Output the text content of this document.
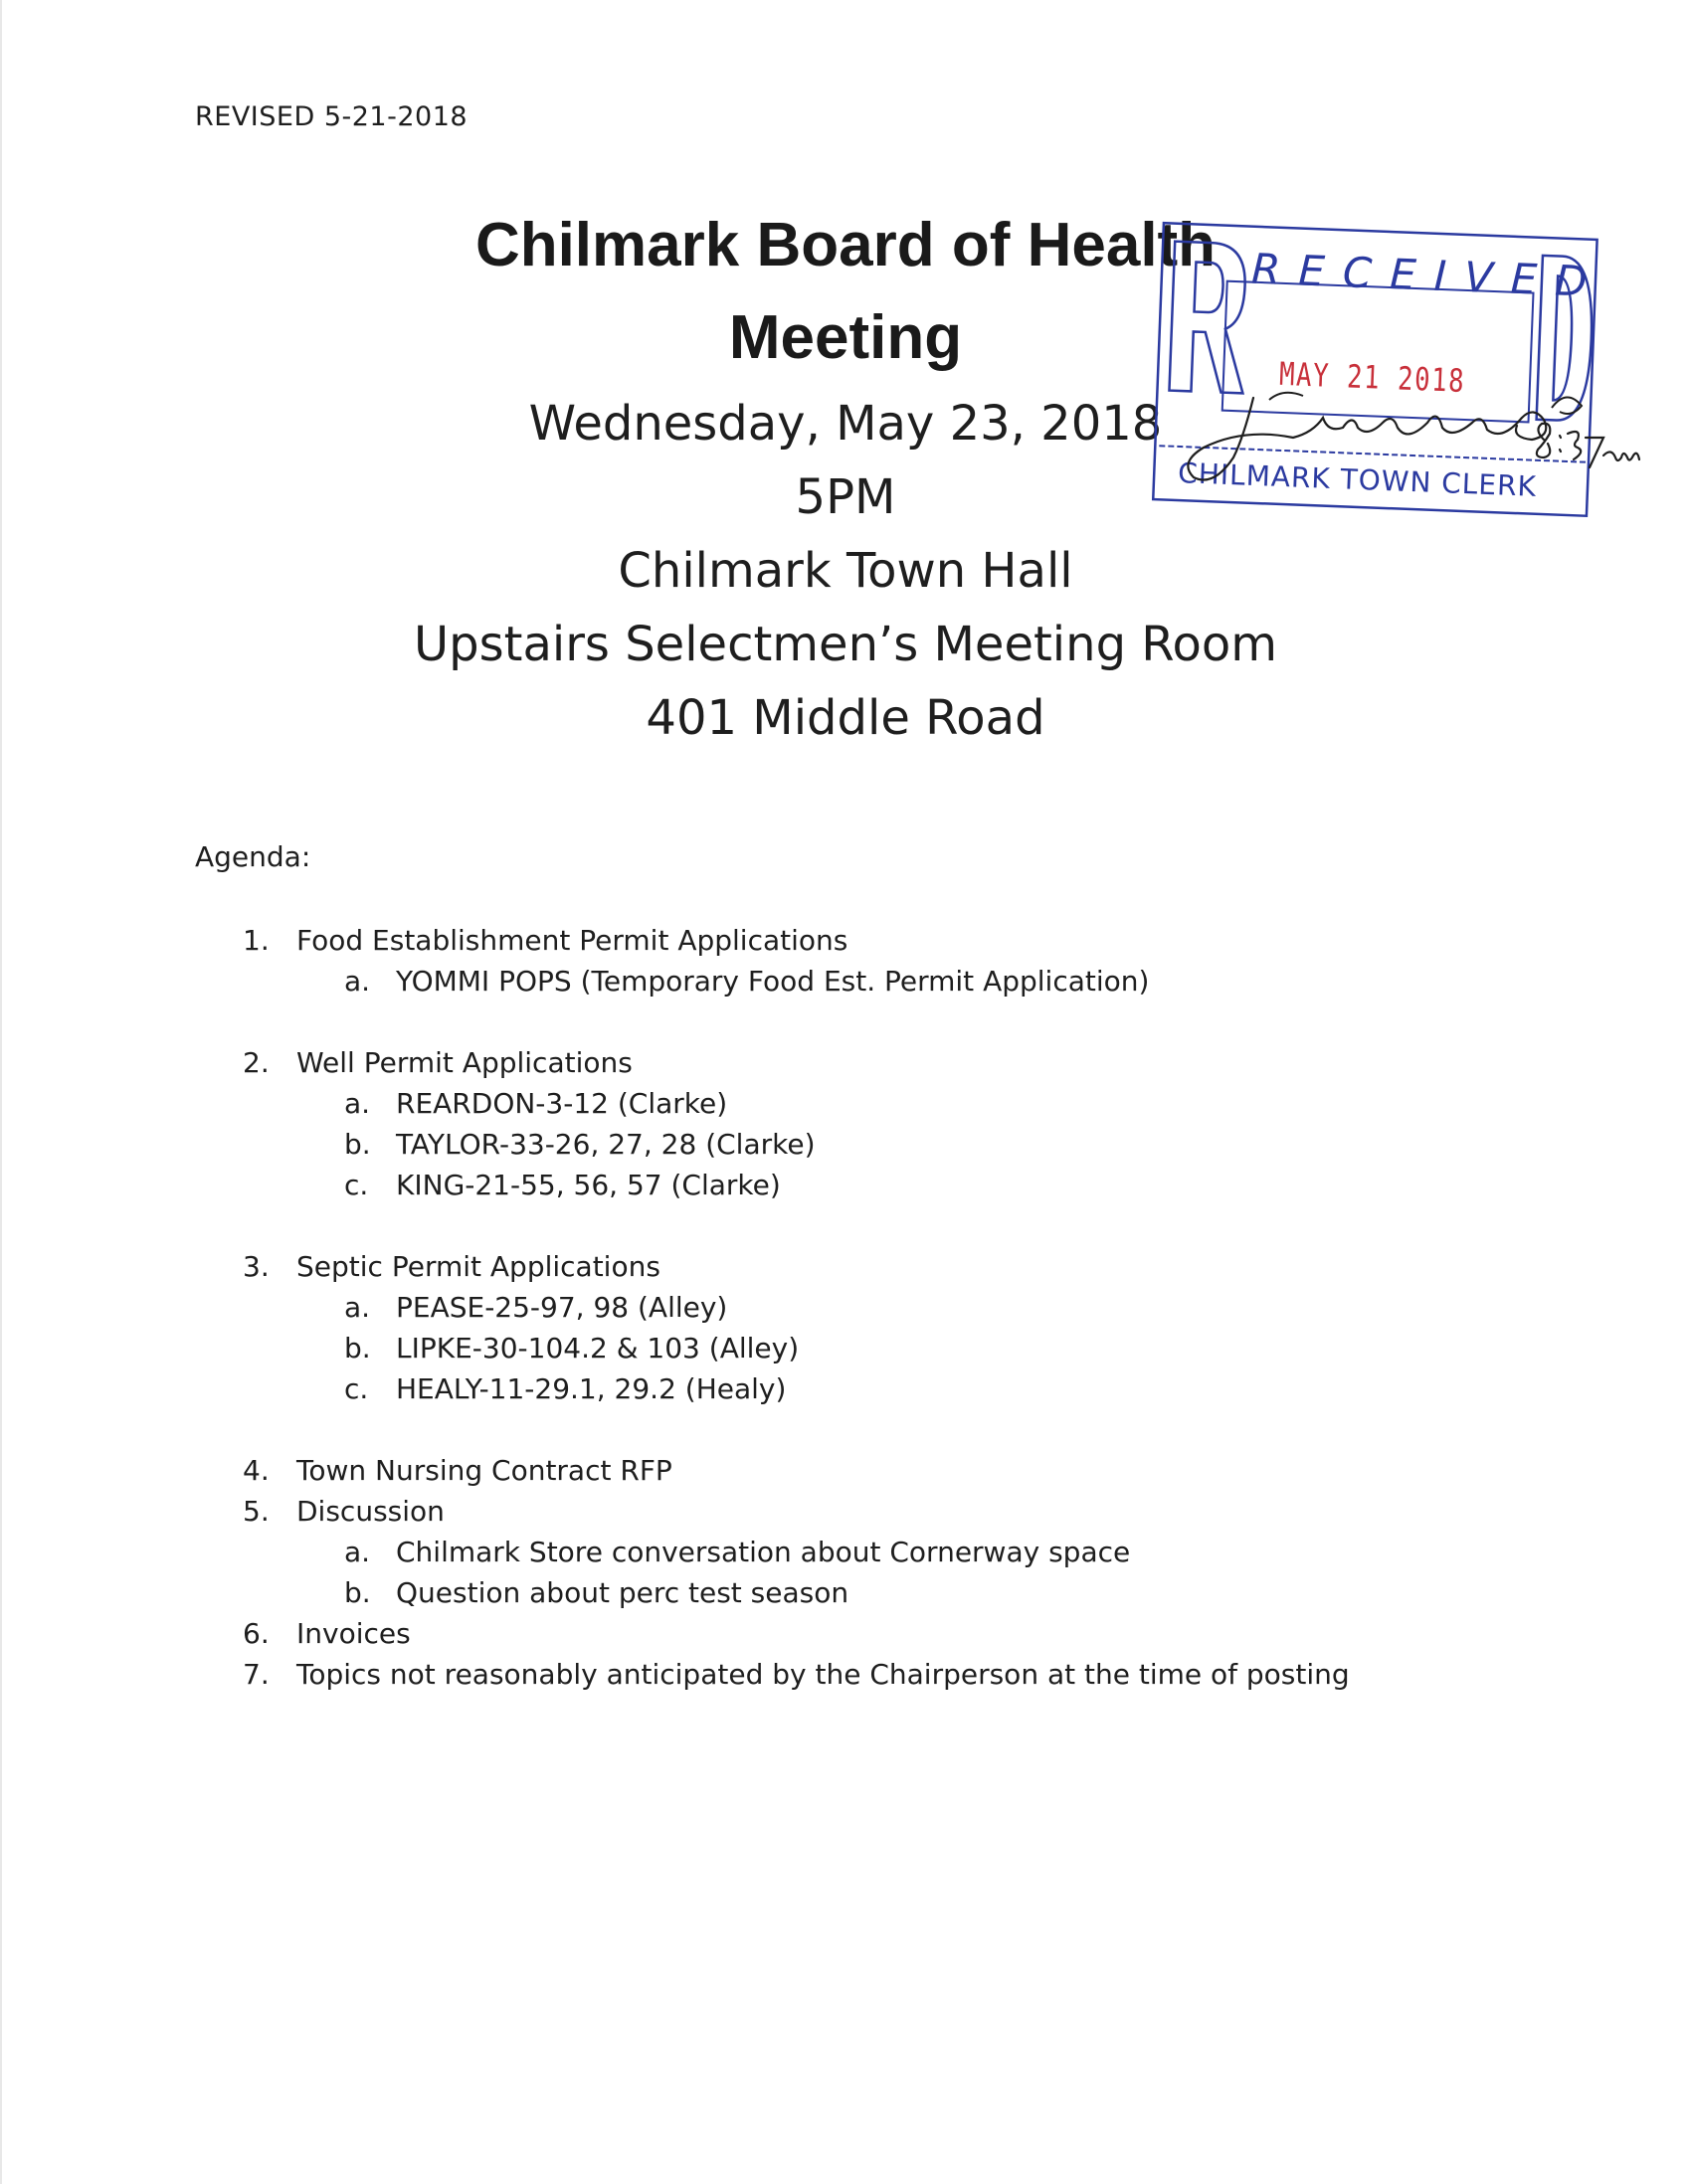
REVISED 5-21-2018
Chilmark Board of Health
Meeting
Wednesday, May 23, 2018
5PM
Chilmark Town Hall
Upstairs Selectmen’s Meeting Room
401 Middle Road
Agenda:
1. Food Establishment Permit Applications
a. YOMMI POPS (Temporary Food Est. Permit Application)
2. Well Permit Applications
a. REARDON-3-12 (Clarke)
b. TAYLOR-33-26, 27, 28 (Clarke)
c. KING-21-55, 56, 57 (Clarke)
3. Septic Permit Applications
a. PEASE-25-97, 98 (Alley)
b. LIPKE-30-104.2 & 103 (Alley)
c. HEALY-11-29.1, 29.2 (Healy)
4. Town Nursing Contract RFP
5. Discussion
a. Chilmark Store conversation about Cornerway space
b. Question about perc test season
6. Invoices
7. Topics not reasonably anticipated by the Chairperson at the time of posting
RECEIVED
MAY 21 2018
CHILMARK TOWN CLERK
